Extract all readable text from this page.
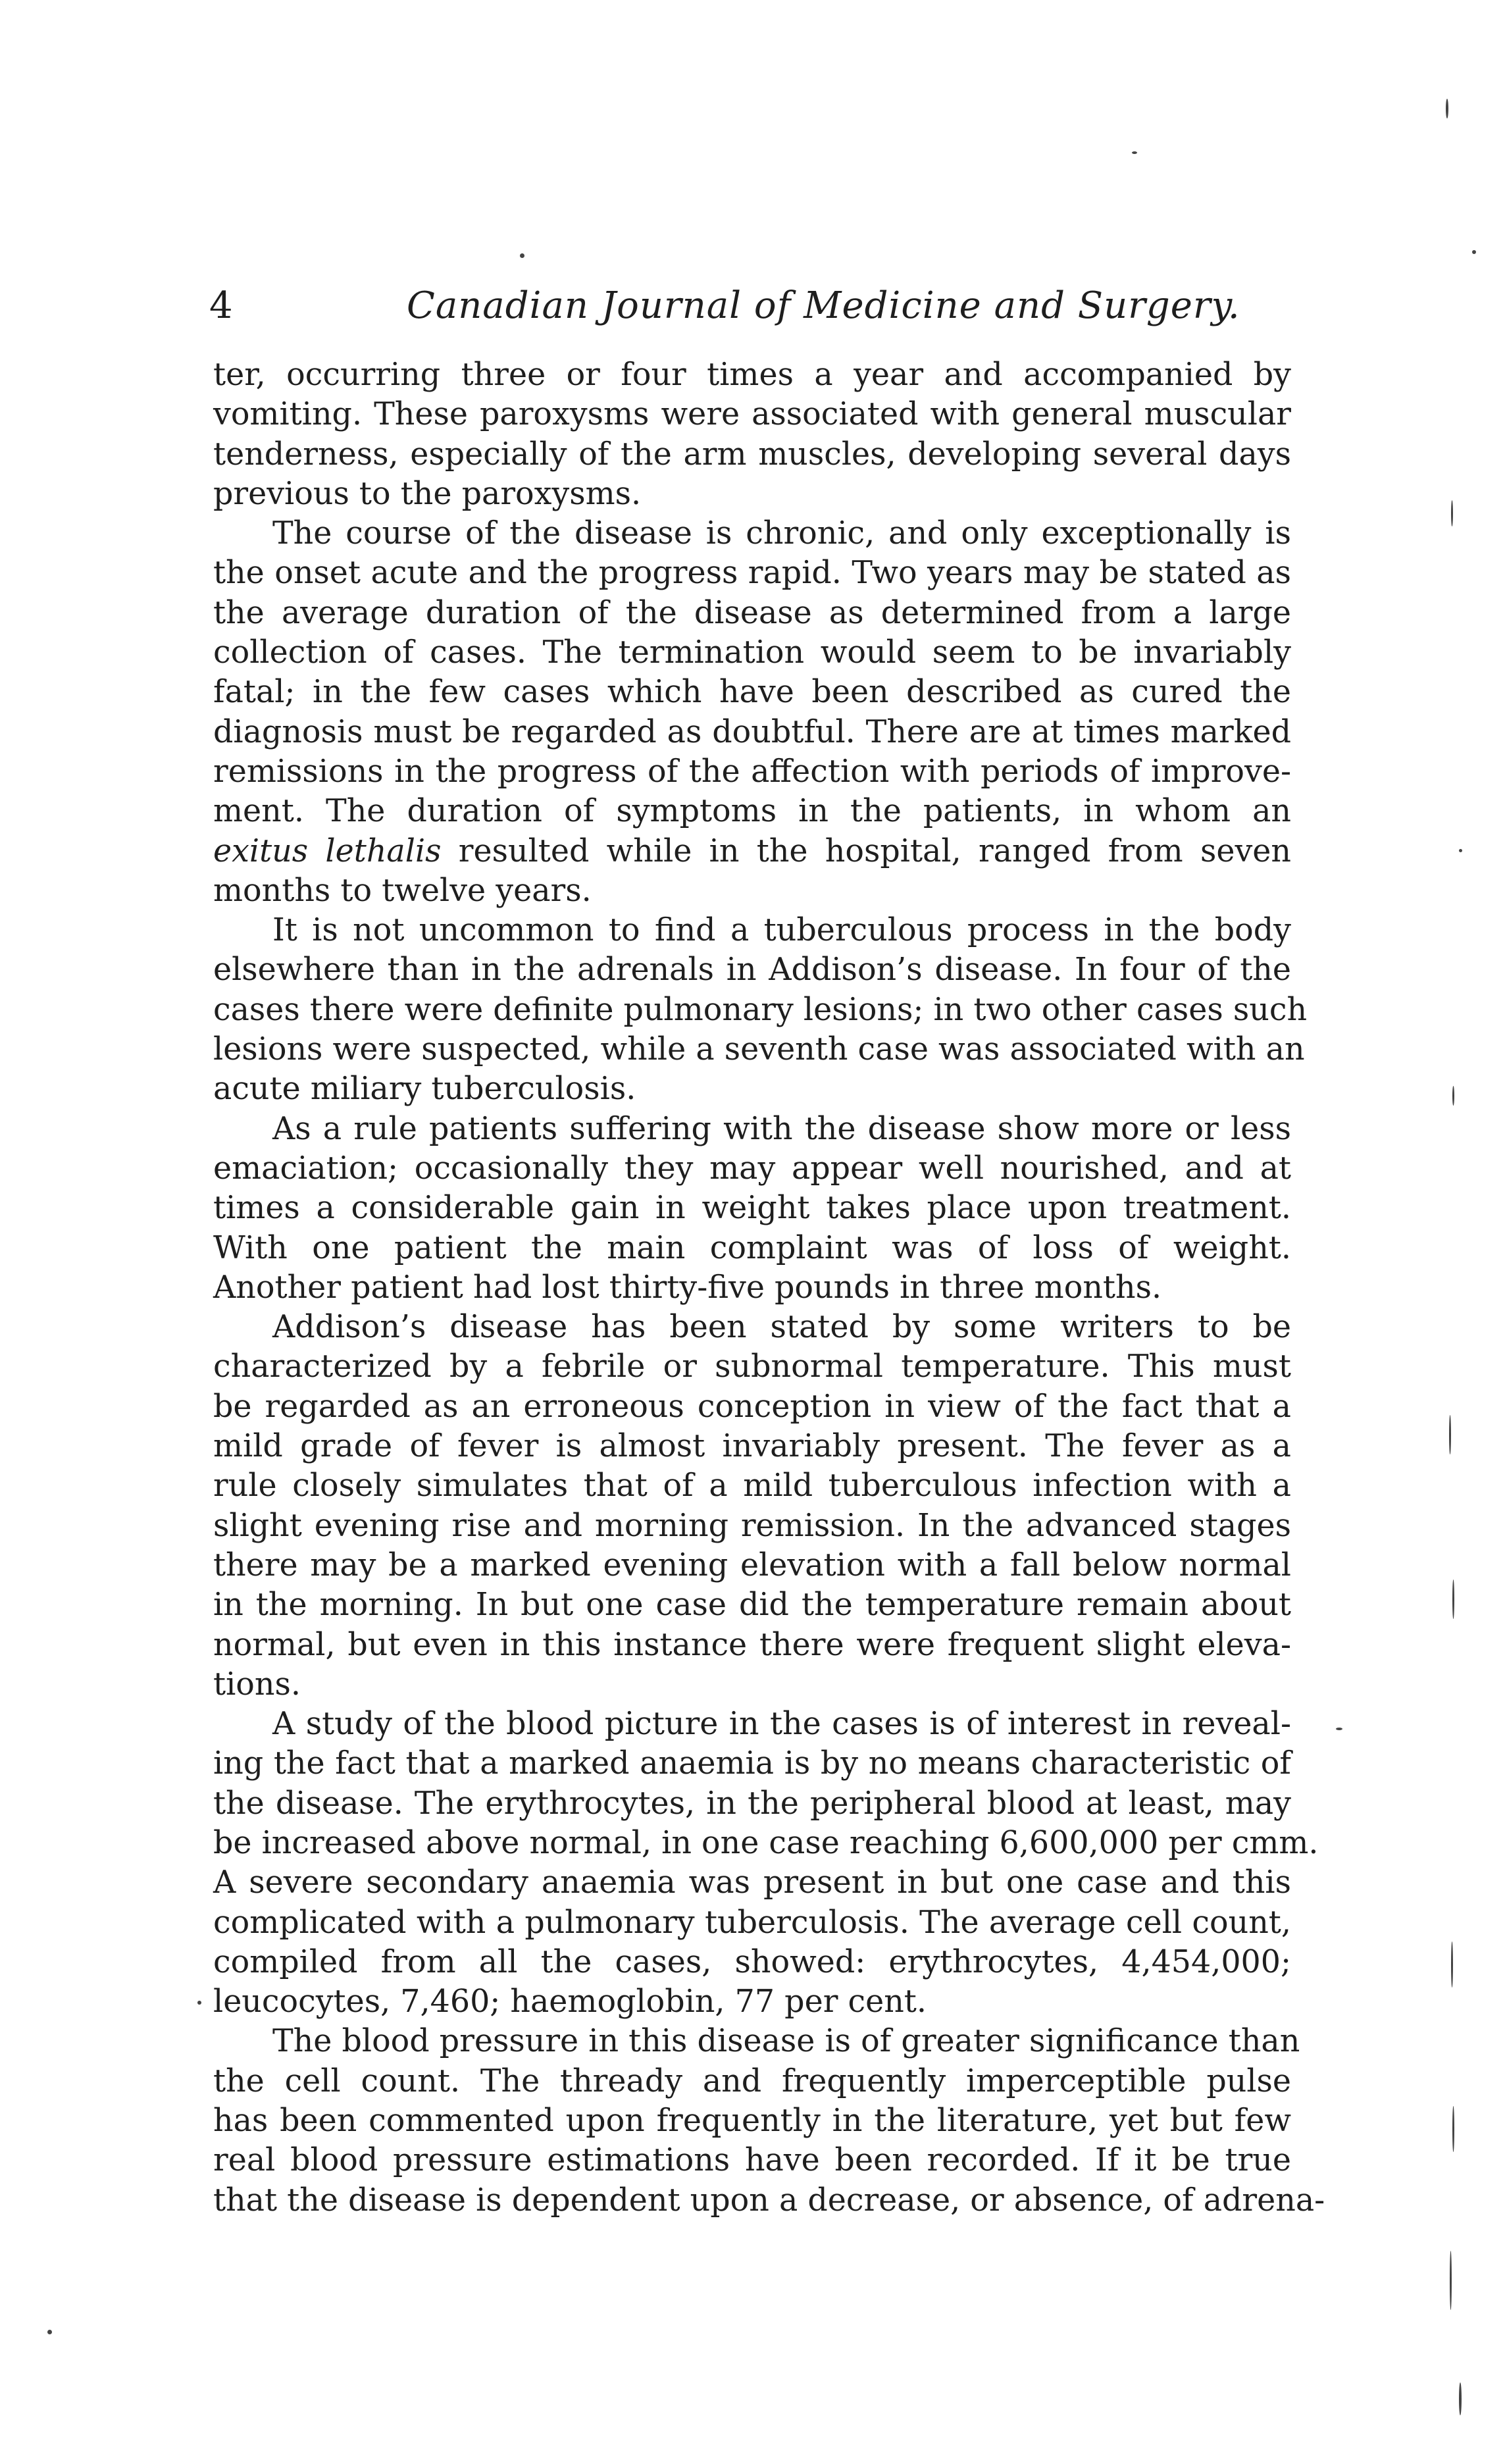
4	Canadian Journal of Medicine and Surgery.

ter, occurring three or four times a year and accompanied by
vomiting. These paroxysms were associated with general muscular
tenderness, especially of the arm muscles, developing several days
previous to the paroxysms.

The course of the disease is chronic, and only exceptionally is
the onset acute and the progress rapid. Two years may be stated as
the average duration of the disease as determined from a large
collection of cases. The termination would seem to be invariably
fatal; in the few cases which have been described as cured the
diagnosis must be regarded as doubtful. There are at times marked
remissions in the progress of the affection with periods of improve-
ment. The duration of symptoms in the patients, in whom an
exitus lethalis resulted while in the hospital, ranged from seven
months to twelve years.

It is not uncommon to find a tuberculous process in the body
elsewhere than in the adrenals in Addison’s disease. In four of the
cases there were definite pulmonary lesions; in two other cases such
lesions were suspected, while a seventh case was associated with an
acute miliary tuberculosis.

As a rule patients suffering with the disease show more or less
emaciation; occasionally they may appear well nourished, and at
times a considerable gain in weight takes place upon treatment.
With one patient the main complaint was of loss of weight.
Another patient had lost thirty-five pounds in three months.

Addison’s disease has been stated by some writers to be
characterized by a febrile or subnormal temperature. This must
be regarded as an erroneous conception in view of the fact that a
mild grade of fever is almost invariably present. The fever as a
rule closely simulates that of a mild tuberculous infection with a
slight evening rise and morning remission. In the advanced stages
there may be a marked evening elevation with a fall below normal
in the morning. In but one case did the temperature remain about
normal, but even in this instance there were frequent slight eleva-
tions.

A study of the blood picture in the cases is of interest in reveal-
ing the fact that a marked anaemia is by no means characteristic of
the disease. The erythrocytes, in the peripheral blood at least, may
be increased above normal, in one case reaching 6,600,000 per cmm.
A severe secondary anaemia was present in but one case and this
complicated with a pulmonary tuberculosis. The average cell count,
compiled from all the cases, showed: erythrocytes, 4,454,000;
leucocytes, 7,460; haemoglobin, 77 per cent.

The blood pressure in this disease is of greater significance than
the cell count. The thready and frequently imperceptible pulse
has been commented upon frequently in the literature, yet but few
real blood pressure estimations have been recorded. If it be true
that the disease is dependent upon a decrease, or absence, of adrena-
